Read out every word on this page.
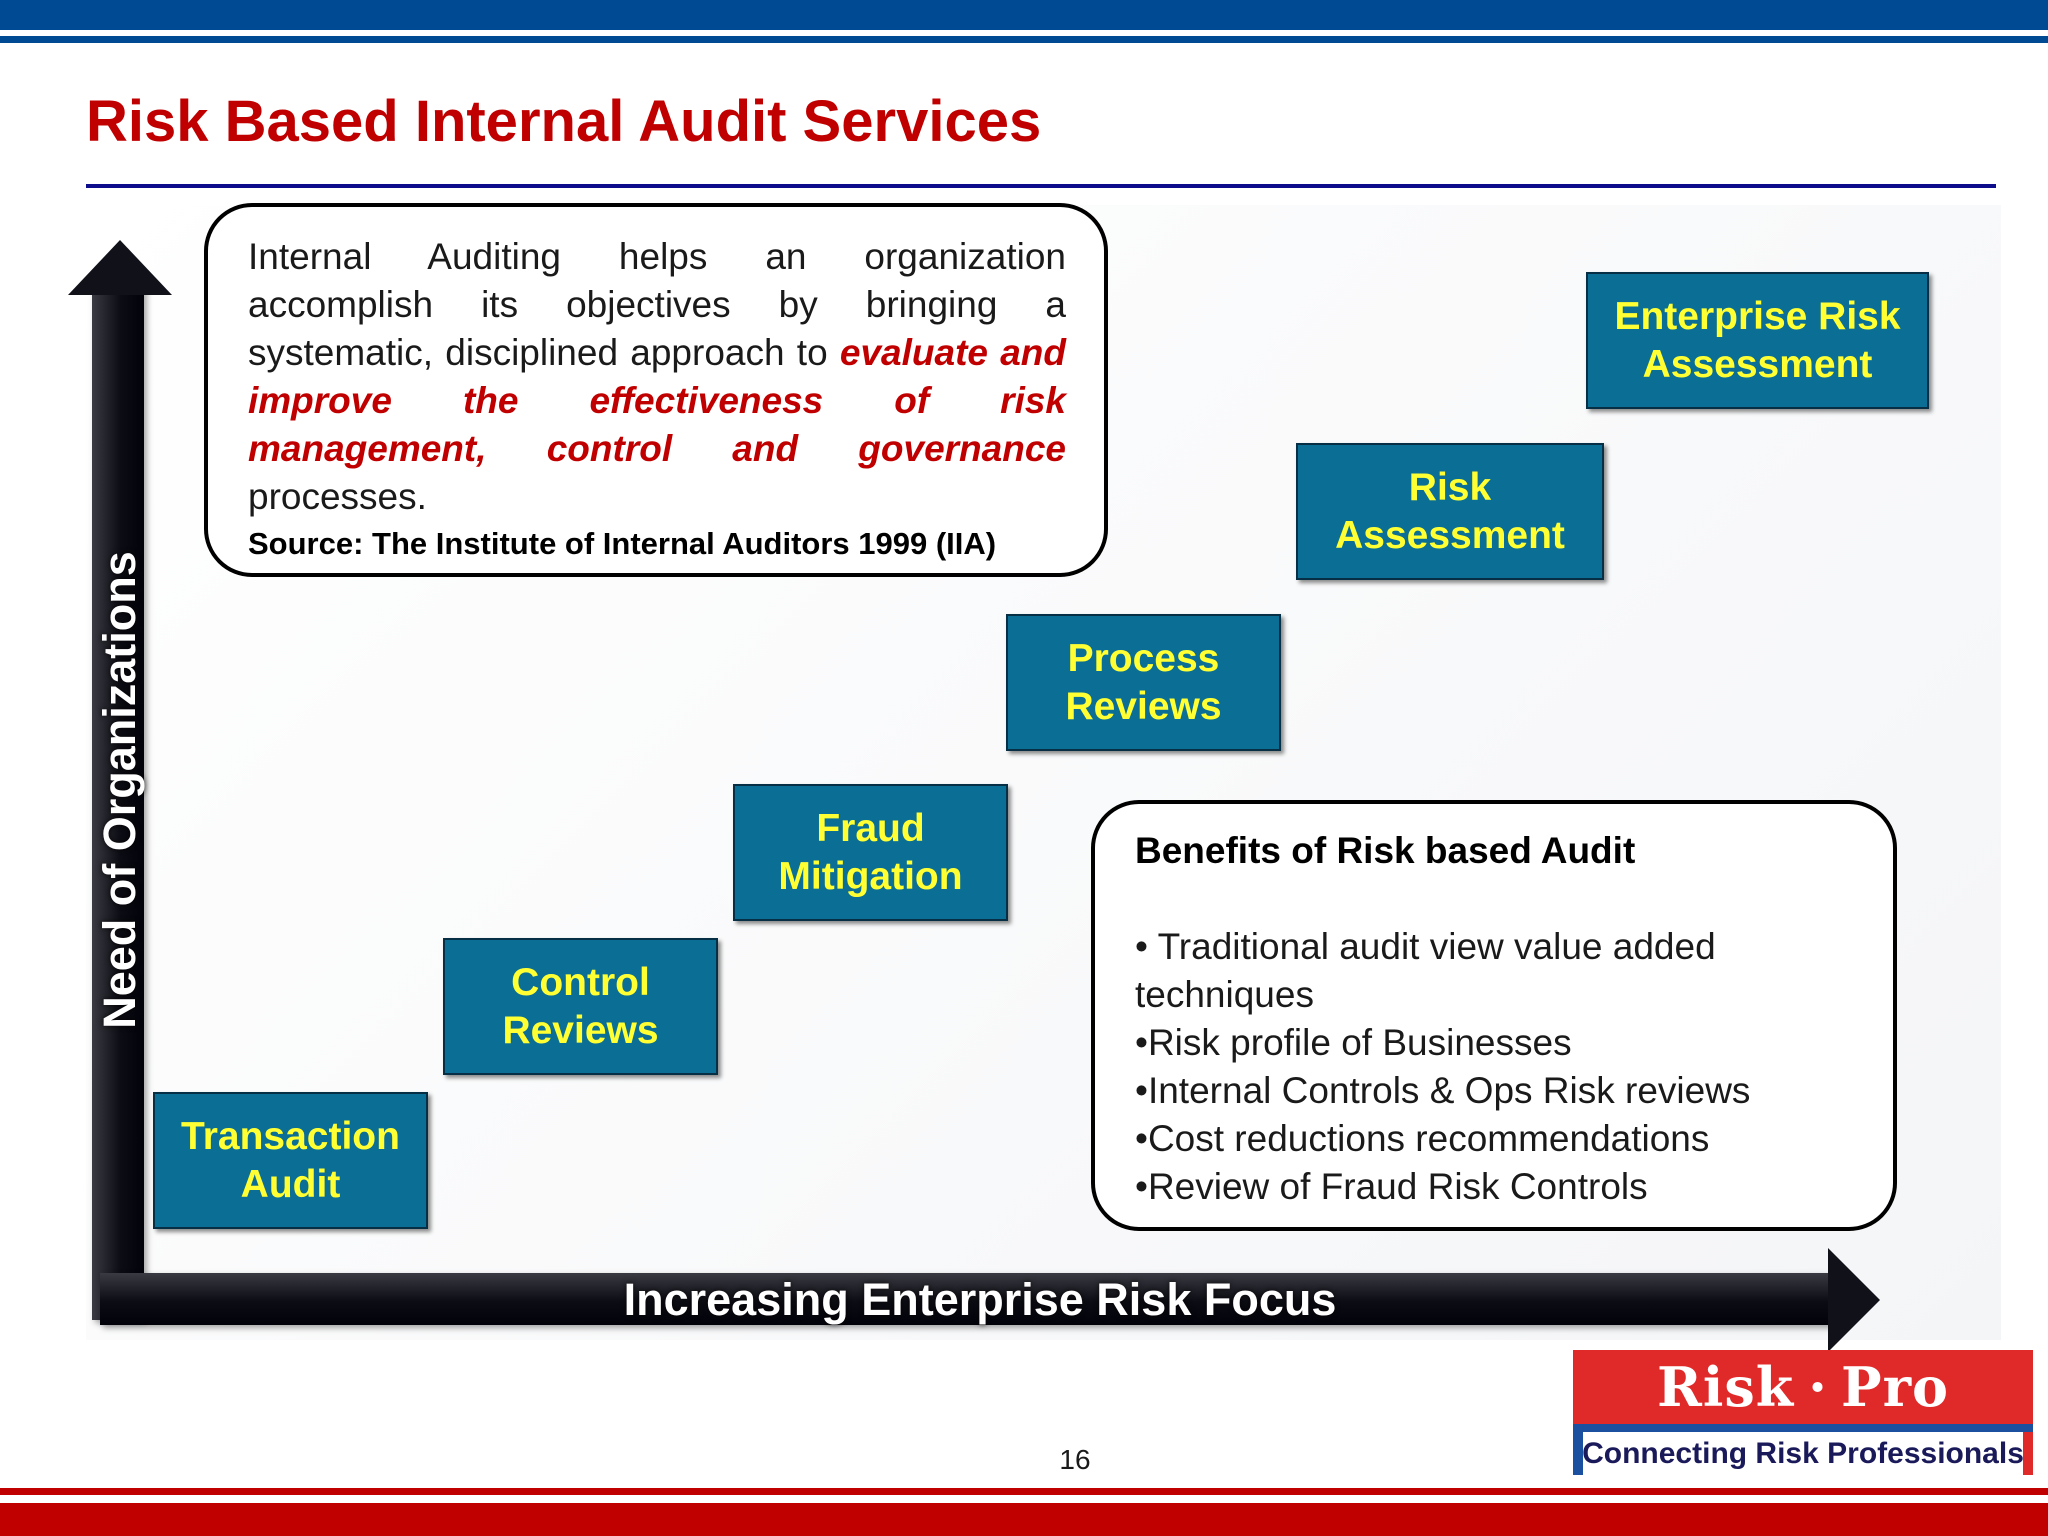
Risk Based Internal Audit Services
Need of Organizations
Increasing Enterprise Risk Focus
Transaction
Audit
Control
Reviews
Fraud
Mitigation
Process
Reviews
Risk
Assessment
Enterprise Risk
Assessment

Internal Auditing helps an organization accomplish its objectives by bringing a systematic, disciplined approach to evaluate and improve the effectiveness of risk management, control and governance processes.

Source: The Institute of Internal Auditors 1999 (IIA)

Benefits of Risk based Audit

• Traditional audit view value added techniques
•Risk profile of Businesses
•Internal Controls & Ops Risk reviews
•Cost reductions recommendations
•Review of Fraud Risk Controls
Risk · Pro
Connecting Risk Professionals
16
